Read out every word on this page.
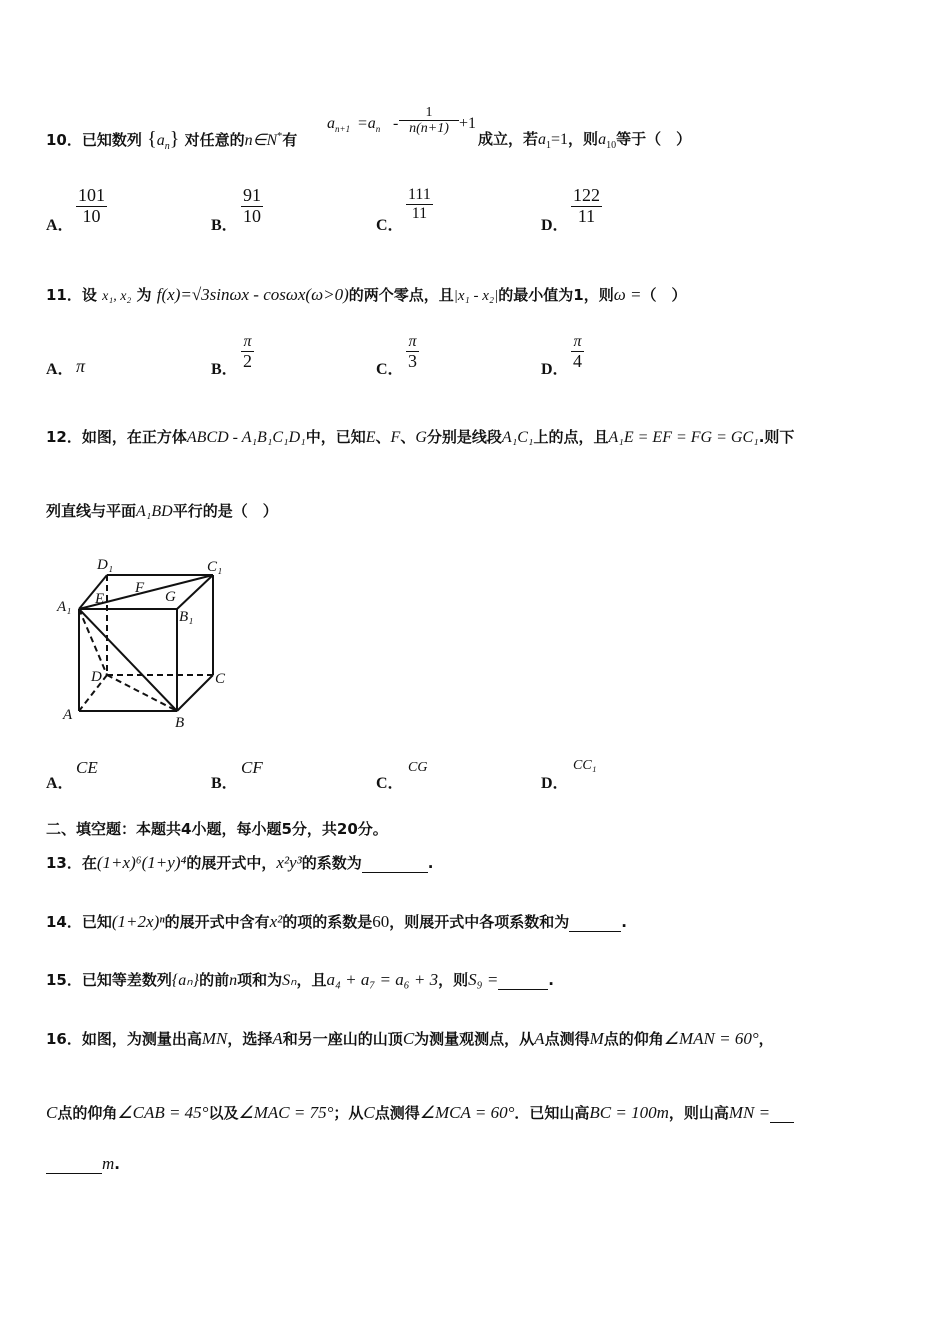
10．已知数列 $\{a_n\}$ 对任意的n∈N*有
$a_{n+1} =a_n - \frac{1}{n(n+1)} +1$
成立，若$a_1=1$，则$a_{10}$等于（　）
A． $\frac{101}{10}$	B． $\frac{91}{10}$	C．
$\frac{111}{11}$
D． $\frac{122}{11}$
11．设 x₁, x₂ 为 f(x)=√3sinωx - cosωx(ω>0)的两个零点，且|x₁ - x₂|的最小值为1，则ω =（　）
A． π	B． $\frac{\pi}{2}$	C． $\frac{\pi}{3}$	D． $\frac{\pi}{4}$
12．如图，在正方体ABCD - A₁B₁C₁D₁中，已知E、F、G分别是线段A₁C₁上的点，且A₁E = EF = FG = GC₁.则下
列直线与平面A₁BD平行的是（　）
D₁	C₁
A₁
B₁
E
F
G
D	C
A	B
A．
CE
B．
CF
C．
CG
D．
CC₁
二、填空题：本题共4小题，每小题5分，共20分。
13．在(1+x)⁶(1+y)⁴的展开式中，x²y³的系数为	.
14．已知(1+2x)ⁿ的展开式中含有x²的项的系数是60，则展开式中各项系数和为	.
15．已知等差数列{aₙ}的前n项和为Sₙ，且a₄ + a₇ = a₆ + 3，则S₉ =	.
16．如图，为测量出高MN，选择A和另一座山的山顶C为测量观测点，从A点测得M点的仰角∠MAN = 60°，
C点的仰角∠CAB = 45°以及∠MAC = 75°；从C点测得∠MCA = 60°．已知山高BC = 100m，则山高MN =
m.
